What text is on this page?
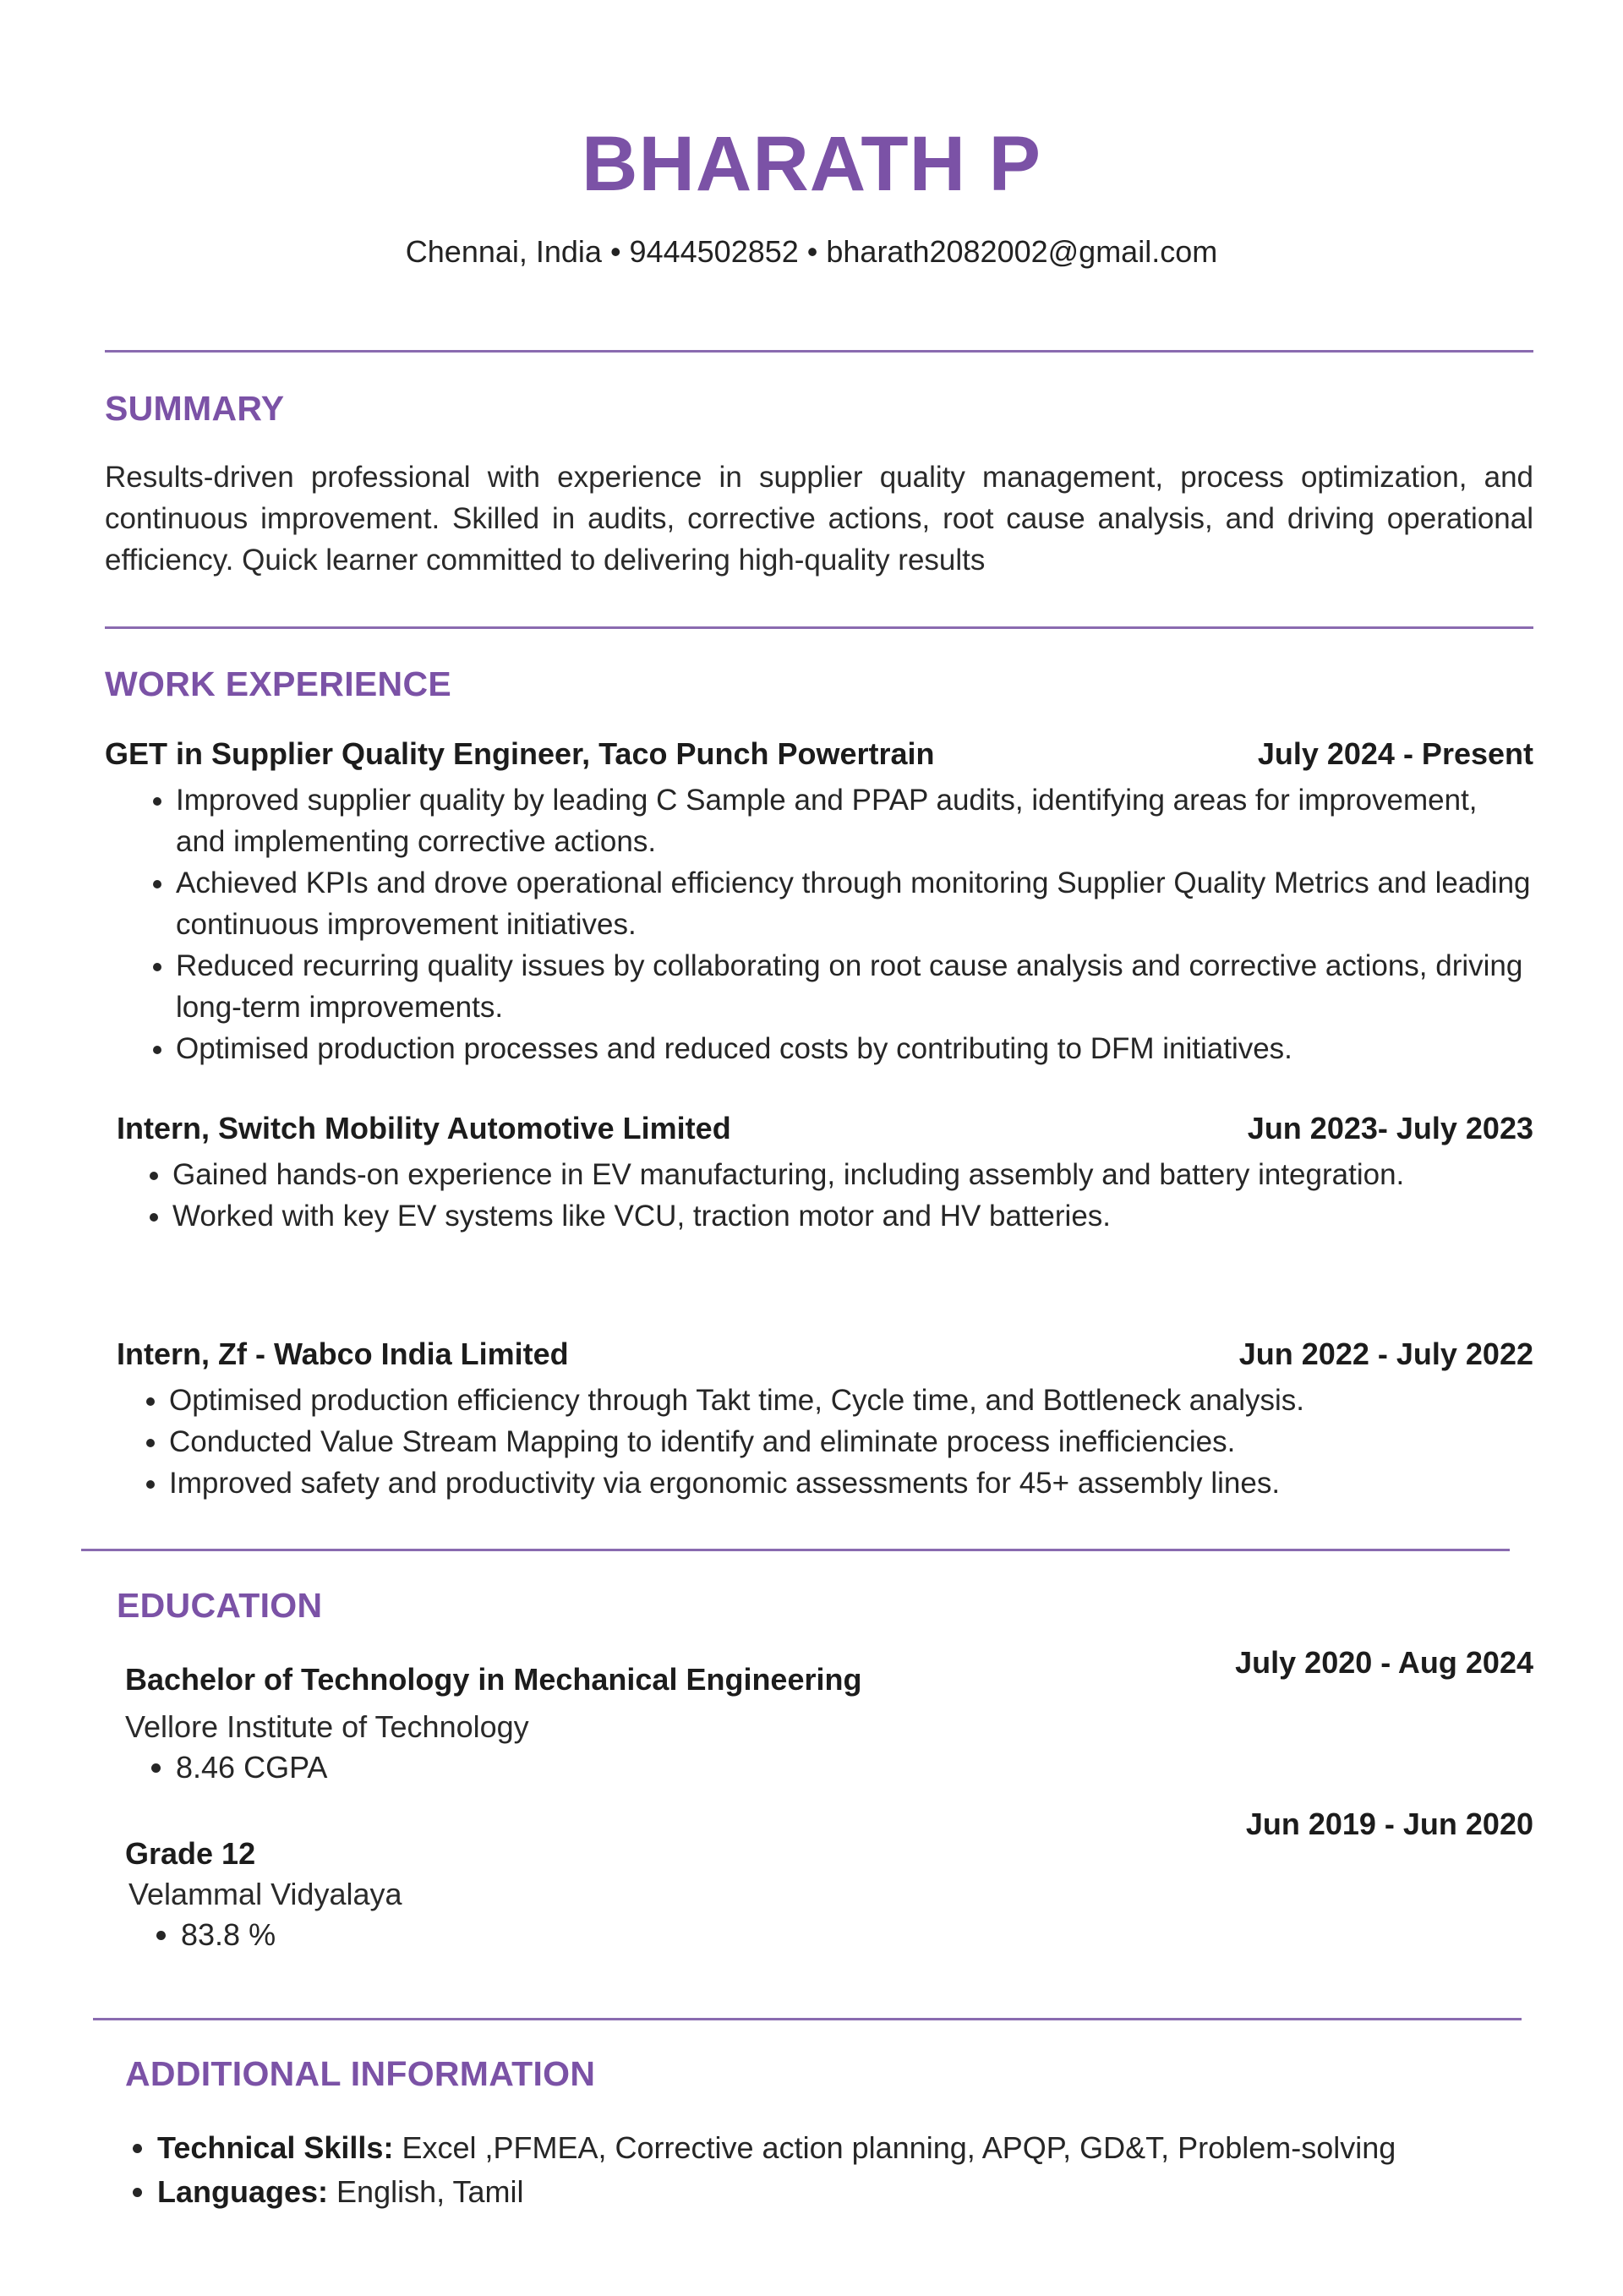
BHARATH P
Chennai, India • 9444502852 • bharath2082002@gmail.com
SUMMARY

Results-driven professional with experience in supplier quality management, process optimization, and continuous improvement. Skilled in audits, corrective actions, root cause analysis, and driving operational efficiency. Quick learner committed to delivering high-quality results

WORK EXPERIENCE
GET in Supplier Quality Engineer, Taco Punch Powertrain	July 2024 - Present
• Improved supplier quality by leading C Sample and PPAP audits, identifying areas for improvement, and implementing corrective actions.
• Achieved KPIs and drove operational efficiency through monitoring Supplier Quality Metrics and leading continuous improvement initiatives.
• Reduced recurring quality issues by collaborating on root cause analysis and corrective actions, driving long-term improvements.
• Optimised production processes and reduced costs by contributing to DFM initiatives.
Intern, Switch Mobility Automotive Limited	Jun 2023- July 2023
• Gained hands-on experience in EV manufacturing, including assembly and battery integration.
• Worked with key EV systems like VCU, traction motor and HV batteries.
Intern, Zf - Wabco India Limited	Jun 2022 - July 2022
• Optimised production efficiency through Takt time, Cycle time, and Bottleneck analysis.
• Conducted Value Stream Mapping to identify and eliminate process inefficiencies.
• Improved safety and productivity via ergonomic assessments for 45+ assembly lines.
EDUCATION
July 2020 - Aug 2024
Bachelor of Technology in Mechanical Engineering
Vellore Institute of Technology
• 8.46 CGPA
Jun 2019 - Jun 2020
Grade 12
Velammal Vidyalaya
• 83.8 %
ADDITIONAL INFORMATION
• Technical Skills: Excel ,PFMEA, Corrective action planning, APQP, GD&T, Problem-solving
• Languages: English, Tamil
